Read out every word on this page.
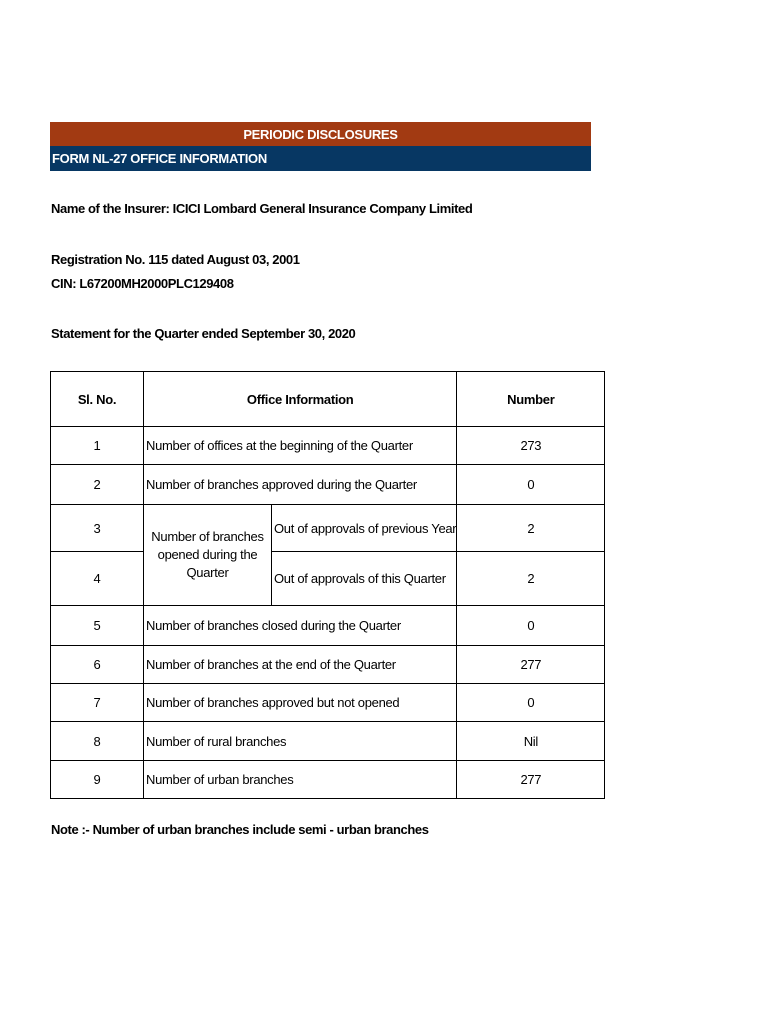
PERIODIC DISCLOSURES
FORM NL-27 OFFICE INFORMATION
Name of the Insurer: ICICI Lombard General Insurance Company Limited
Registration No. 115 dated August 03, 2001
CIN: L67200MH2000PLC129408
Statement for the Quarter ended September 30, 2020
Sl. No.	Office Information		Number
1	Number of offices at the beginning of the Quarter		273
2	Number of branches approved during the Quarter		0
3	Number of branches
opened during the Quarter	Out of approvals of previous Year	2
4		Out of approvals of this Quarter	2
5	Number of branches closed during the Quarter		0
6	Number of branches at the end of the Quarter		277
7	Number of branches approved but not opened		0
8	Number of rural branches		Nil
9	Number of urban branches		277
Note :- Number of urban branches include semi - urban branches
